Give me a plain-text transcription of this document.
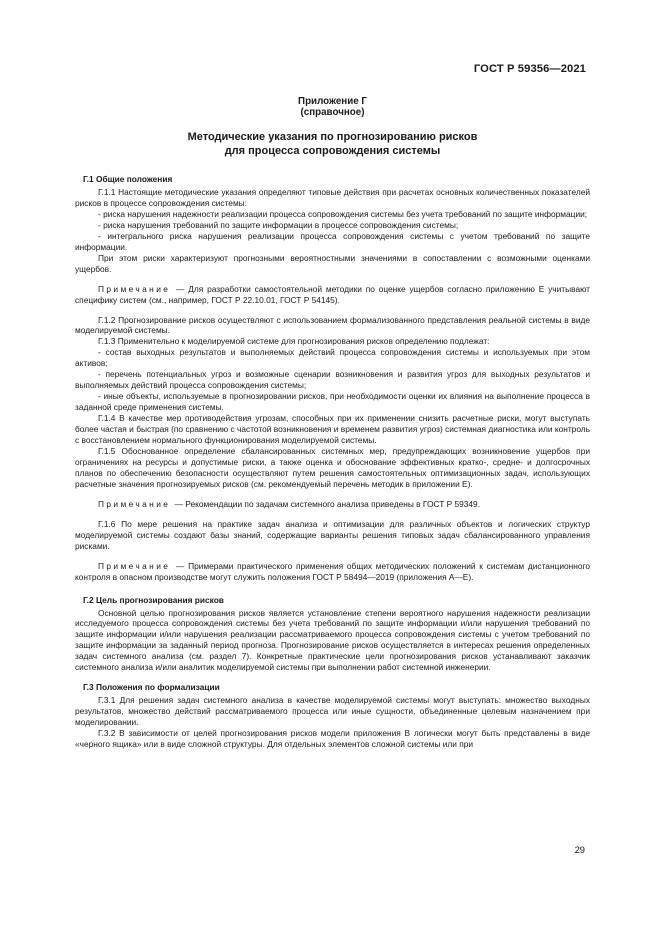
ГОСТ Р 59356—2021
Приложение Г
(справочное)
Методические указания по прогнозированию рисков
для процесса сопровождения системы
Г.1 Общие положения

Г.1.1 Настоящие методические указания определяют типовые действия при расчетах основных количественных показателей рисков в процессе сопровождения системы:

- риска нарушения надежности реализации процесса сопровождения системы без учета требований по защите информации;

- риска нарушения требований по защите информации в процессе сопровождения системы;

- интегрального риска нарушения реализации процесса сопровождения системы с учетом требований по защите информации.

При этом риски характеризуют прогнозными вероятностными значениями в сопоставлении с возможными оценками ущербов.

Примечание — Для разработки самостоятельной методики по оценке ущербов согласно приложению Е учитывают специфику систем (см., например, ГОСТ Р 22.10.01, ГОСТ Р 54145).

Г.1.2 Прогнозирование рисков осуществляют с использованием формализованного представления реальной системы в виде моделируемой системы.

Г.1.3 Применительно к моделируемой системе для прогнозирования рисков определению подлежат:

- состав выходных результатов и выполняемых действий процесса сопровождения системы и используемых при этом активов;

- перечень потенциальных угроз и возможные сценарии возникновения и развития угроз для выходных результатов и выполняемых действий процесса сопровождения системы;

- иные объекты, используемые в прогнозировании рисков, при необходимости оценки их влияния на выполнение процесса в заданной среде применения системы.

Г.1.4 В качестве мер противодействия угрозам, способных при их применении снизить расчетные риски, могут выступать более частая и быстрая (по сравнению с частотой возникновения и временем развития угроз) системная диагностика или контроль с восстановлением нормального функционирования моделируемой системы.

Г.1.5 Обоснованное определение сбалансированных системных мер, предупреждающих возникновение ущербов при ограничениях на ресурсы и допустимые риски, а также оценка и обоснование эффективных кратко-, средне- и долгосрочных планов по обеспечению безопасности осуществляют путем решения самостоятельных оптимизационных задач, использующих расчетные значения прогнозируемых рисков (см. рекомендуемый перечень методик в приложении Е).

Примечание — Рекомендации по задачам системного анализа приведены в ГОСТ Р 59349.

Г.1.6 По мере решения на практике задач анализа и оптимизации для различных объектов и логических структур моделируемой системы создают базы знаний, содержащие варианты решения типовых задач сбалансированного управления рисками.

Примечание — Примерами практического применения общих методических положений к системам дистанционного контроля в опасном производстве могут служить положения ГОСТ Р 58494—2019 (приложения А—Е).

Г.2 Цель прогнозирования рисков

Основной целью прогнозирования рисков является установление степени вероятного нарушения надежности реализации исследуемого процесса сопровождения системы без учета требований по защите информации и/или нарушения требований по защите информации и/или нарушения реализации рассматриваемого процесса сопровождения системы с учетом требований по защите информации за заданный период прогноза. Прогнозирование рисков осуществляется в интересах решения определенных задач системного анализа (см. раздел 7). Конкретные практические цели прогнозирования рисков устанавливают заказчик системного анализа и/или аналитик моделируемой системы при выполнении работ системной инженерии.

Г.3 Положения по формализации

Г.3.1 Для решения задач системного анализа в качестве моделируемой системы могут выступать: множество выходных результатов, множество действий рассматриваемого процесса или иные сущности, объединенные целевым назначением при моделировании.

Г.3.2 В зависимости от целей прогнозирования рисков модели приложения В логически могут быть представлены в виде «черного ящика» или в виде сложной структуры. Для отдельных элементов сложной системы или при

29
